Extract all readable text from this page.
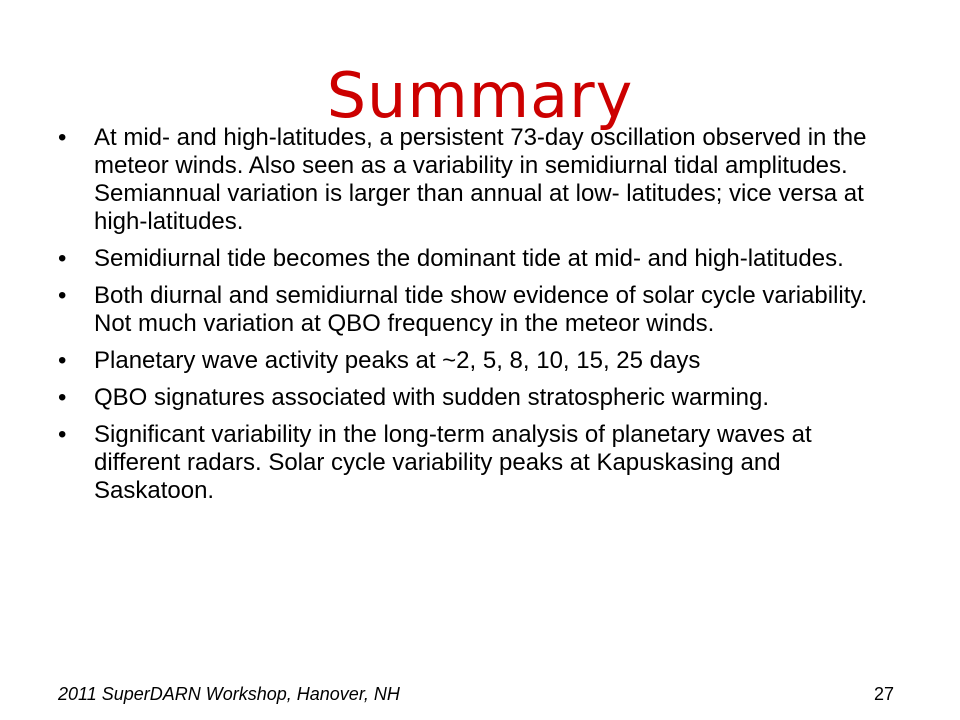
Summary
•	At mid- and high-latitudes, a persistent 73-day oscillation observed in the meteor winds. Also seen as a variability in semidiurnal tidal amplitudes. Semiannual variation is larger than annual at low- latitudes; vice versa at high-latitudes.
•	Semidiurnal tide becomes the dominant tide at mid- and high-latitudes.
•	Both diurnal and semidiurnal tide show evidence of solar cycle variability. Not much variation at QBO frequency in the meteor winds.
•	Planetary wave activity peaks at ~2, 5, 8, 10, 15, 25 days
•	QBO signatures associated with sudden stratospheric warming.
•	Significant variability in the long-term analysis of planetary waves at different radars. Solar cycle variability peaks at Kapuskasing and Saskatoon.
2011 SuperDARN Workshop, Hanover, NH	27
